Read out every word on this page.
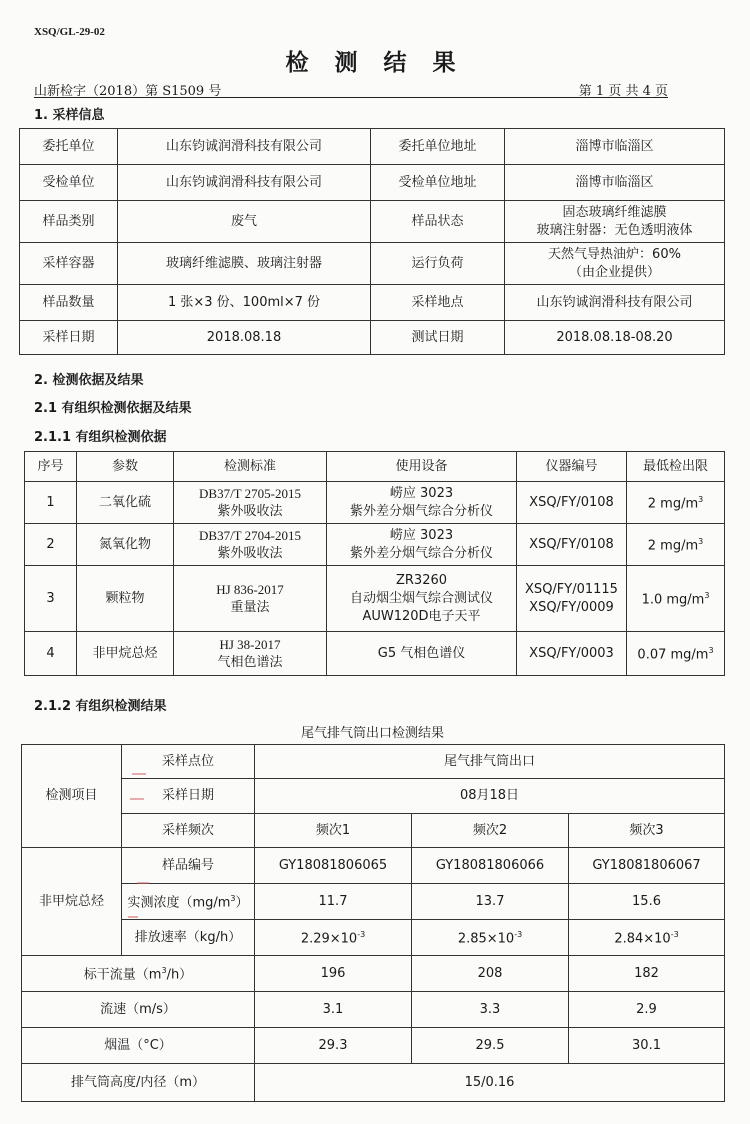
XSQ/GL-29-02
检 测 结 果
山新检字（2018）第 S1509 号	第 1 页 共 4 页
1. 采样信息
委托单位	山东钧诚润滑科技有限公司	委托单位地址	淄博市临淄区
受检单位	山东钧诚润滑科技有限公司	受检单位地址	淄博市临淄区
样品类别	废气	样品状态	固态玻璃纤维滤膜
玻璃注射器：无色透明液体

采样容器	玻璃纤维滤膜、玻璃注射器	运行负荷	天然气导热油炉：60%
（由企业提供）

样品数量	1 张×3 份、100ml×7 份	采样地点	山东钧诚润滑科技有限公司
采样日期	2018.08.18	测试日期	2018.08.18-08.20
2. 检测依据及结果
2.1 有组织检测依据及结果
2.1.1 有组织检测依据
序号	参数	检测标准	使用设备	仪器编号	最低检出限
1	二氧化硫	DB37/T 2705-2015
紫外吸收法	崂应 3023
紫外差分烟气综合分析仪	XSQ/FY/0108	2 $mg/m^3$
2	氮氧化物	DB37/T 2704-2015
紫外吸收法	崂应 3023
紫外差分烟气综合分析仪	XSQ/FY/0108	2 $mg/m^3$
3	颗粒物	HJ 836-2017
重量法	ZR3260
自动烟尘烟气综合测试仪
AUW120D电子天平	XSQ/FY/01115
XSQ/FY/0009	1.0 $mg/m^3$
4	非甲烷总烃	HJ 38-2017
气相色谱法	G5 气相色谱仪	XSQ/FY/0003	0.07 $mg/m^3$
2.1.2 有组织检测结果
尾气排气筒出口检测结果
检测项目	采样点位	尾气排气筒出口		
	采样日期	08月18日		
	采样频次	频次1	频次2	频次3
非甲烷总烃	样品编号	GY18081806065	GY18081806066	GY18081806067
	实测浓度$(mg/m^3)$	11.7	13.7	15.6
	排放速率（kg/h）	$2.29\times 10^{-3}$	$2.85\times 10^{-3}$	$2.84\times 10^{-3}$
标干流量$(m^3/h)$		196	208	182
流速（m/s）		3.1	3.3	2.9
烟温（°C）		29.3	29.5	30.1
排气筒高度/内径（m）		15/0.16		
